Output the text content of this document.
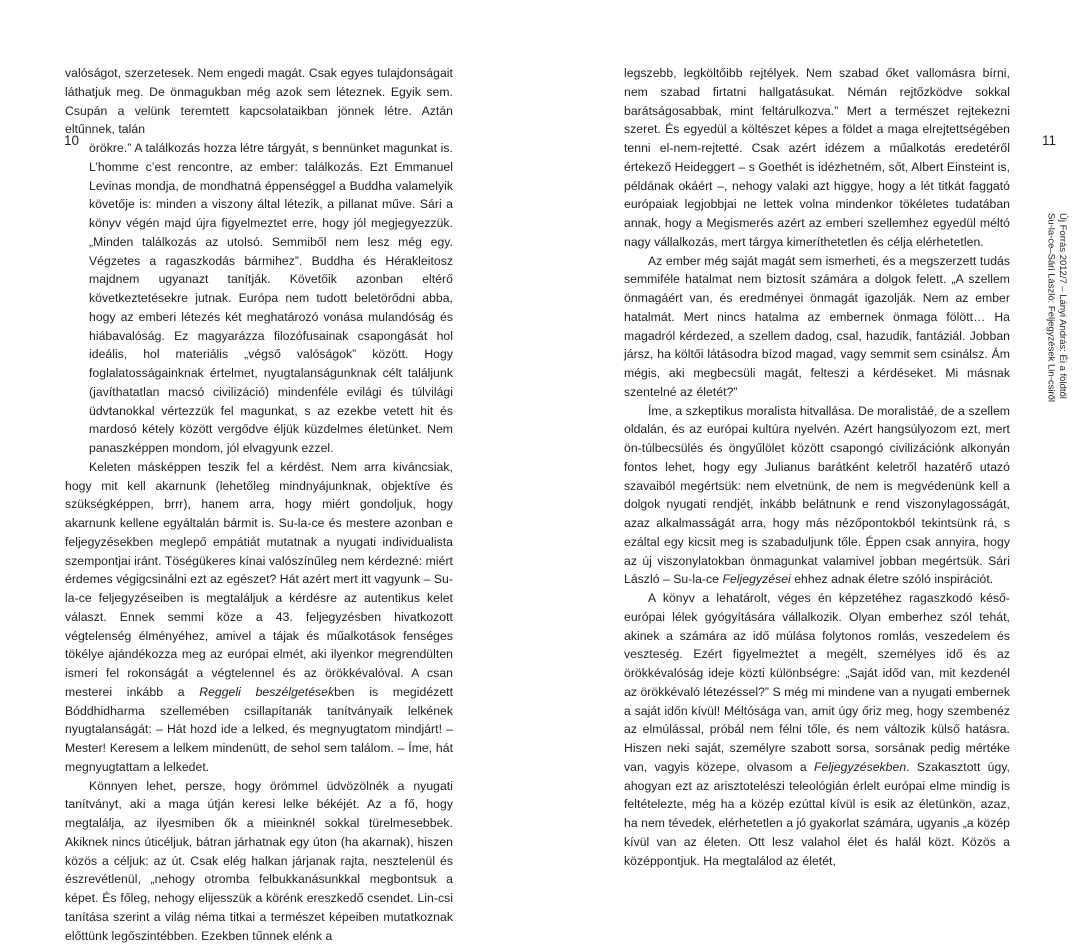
10

valóságot, szerzetesek. Nem engedi magát. Csak egyes tulajdonságait láthatjuk meg. De önmagukban még azok sem léteznek. Egyik sem. Csupán a velünk teremtett kapcsolataikban jönnek létre. Aztán eltűnnek, talán

örökre.” A találkozás hozza létre tárgyát, s bennünket magunkat is. L’homme c’est rencontre, az ember: találkozás. Ezt Emmanuel Levinas mondja, de mondhatná éppenséggel a Buddha valamelyik követője is: minden a viszony által létezik, a pillanat műve. Sári a könyv végén majd újra figyelmeztet erre, hogy jól megjegyezzük. „Minden találkozás az utolsó. Semmiből nem lesz még egy. Végzetes a ragaszkodás bármihez”. Buddha és Hérakleitosz majdnem ugyanazt tanítják. Követőik azonban eltérő következtetésekre jutnak. Európa nem tudott beletörődni abba, hogy az emberi létezés két meghatározó vonása mulandóság és hiábavalóság. Ez magyarázza filozófusainak csapongását hol ideális, hol materiális „végső valóságok” között. Hogy foglalatosságainknak értelmet, nyugtalanságunknak célt találjunk (javíthatatlan macsó civilizáció) mindenféle evilági és túlvilági üdvtanokkal vértezzük fel magunkat, s az ezekbe vetett hit és mardosó kétely között vergődve éljük küzdelmes életünket. Nem panaszképpen mondom, jól elvagyunk ezzel.

Keleten másképpen teszik fel a kérdést. Nem arra kiváncsiak, hogy mit kell akarnunk (lehetőleg mindnyájunknak, objektíve és szükségképpen, brrr), hanem arra, hogy miért gondoljuk, hogy akarnunk kellene egyáltalán bármit is. Su-la-ce és mestere azonban e feljegyzésekben meglepő empátiát mutatnak a nyugati individualista szempontjai iránt. Töségükeres kínai valószínűleg nem kérdezné: miért érdemes végigcsinálni ezt az egészet? Hát azért mert itt vagyunk – Su-la-ce feljegyzéseiben is megtaláljuk a kérdésre az autentikus kelet választ. Ennek semmi köze a 43. feljegyzésben hivatkozott végtelenség élményéhez, amivel a tájak és műalkotások fenséges tökélye ajándékozza meg az európai elmét, aki ilyenkor megrendülten ismeri fel rokonságát a végtelennel és az örökkévalóval. A csan mesterei inkább a Reggeli beszélgetésekben is megidézett Bóddhidharma szellemében csillapítanák tanítványaik lelkének nyugtalanságát: – Hát hozd ide a lelked, és megnyugtatom mindjárt! – Mester! Keresem a lelkem mindenütt, de sehol sem találom. – Íme, hát megnyugtattam a lelkedet.

Könnyen lehet, persze, hogy örömmel üdvözölnék a nyugati tanítványt, aki a maga útján keresi lelke békéjét. Az a fő, hogy megtalálja, az ilyesmiben ők a mieinknél sokkal türelmesebbek. Akiknek nincs úticéljuk, bátran járhatnak egy úton (ha akarnak), hiszen közös a céljuk: az út. Csak elég halkan járjanak rajta, nesztelenül és észrevétlenül, „nehogy otromba felbukkanásunkkal megbontsuk a képet. És főleg, nehogy elijesszük a körénk ereszkedő csendet. Lin-csi tanítása szerint a világ néma titkai a természet képeiben mutatkoznak előttünk legőszintébben. Ezekben tűnnek elénk a

11
Új Forrás 2012/7 – Lányi András: Éi a földtől
Su-la-ce–Sári László: Feljegyzések Lin-csiről

legszebb, legköltőibb rejtélyek. Nem szabad őket vallomásra bírni, nem szabad firtatni hallgatásukat. Némán rejtőzködve sokkal barátságosabbak, mint feltárulkozva.” Mert a természet rejtekezni szeret. És egyedül a költészet képes a földet a maga elrejtettségében tenni el-nem-rejtetté. Csak azért idézem a műalkotás eredetéről értekező Heideggert – s Goethét is idézhetném, sőt, Albert Einsteint is, példának okáért –, nehogy valaki azt higgye, hogy a lét titkát faggató európaiak legjobbjai ne lettek volna mindenkor tökéletes tudatában annak, hogy a Megismerés azért az emberi szellemhez egyedül méltó nagy vállalkozás, mert tárgya kimeríthetetlen és célja elérhetetlen.

Az ember még saját magát sem ismerheti, és a megszerzett tudás semmiféle hatalmat nem biztosít számára a dolgok felett. „A szellem önmagáért van, és eredményei önmagát igazolják. Nem az ember hatalmát. Mert nincs hatalma az embernek önmaga fölött… Ha magadról kérdezed, a szellem dadog, csal, hazudik, fantáziál. Jobban jársz, ha költői látásodra bízod magad, vagy semmit sem csinálsz. Ám mégis, aki megbecsüli magát, felteszi a kérdéseket. Mi másnak szentelné az életét?”

Íme, a szkeptikus moralista hitvallása. De moralistáé, de a szellem oldalán, és az európai kultúra nyelvén. Azért hangsúlyozom ezt, mert ön-túlbecsülés és öngyűlölet között csapongó civilizációnk alkonyán fontos lehet, hogy egy Julianus barátként keletről hazatérő utazó szavaiból megértsük: nem elvetnünk, de nem is megvédenünk kell a dolgok nyugati rendjét, inkább belátnunk e rend viszonylagosságát, azaz alkalmasságát arra, hogy más nézőpontokból tekintsünk rá, s ezáltal egy kicsit meg is szabaduljunk tőle. Éppen csak annyira, hogy az új viszonylatokban önmagunkat valamivel jobban megértsük. Sári László – Su-la-ce Feljegyzései ehhez adnak életre szóló inspirációt.

A könyv a lehatárolt, véges én képzetéhez ragaszkodó késő-európai lélek gyógyítására vállalkozik. Olyan emberhez szól tehát, akinek a számára az idő múlása folytonos romlás, veszedelem és veszteség. Ezért figyelmeztet a megélt, személyes idő és az örökkévalóság ideje közti különbségre: „Saját időd van, mit kezdenél az örökkévaló létezéssel?” S még mi mindene van a nyugati embernek a saját időn kívül! Méltósága van, amit úgy őriz meg, hogy szembenéz az elmúlással, próbál nem félni tőle, és nem változik külső hatásra. Hiszen neki saját, személyre szabott sorsa, sorsának pedig mértéke van, vagyis közepe, olvasom a Feljegyzésekben. Szakasztott úgy, ahogyan ezt az arisztotelészi teleológián érlelt európai elme mindig is feltételezte, még ha a közép ezúttal kívül is esik az életünkön, azaz, ha nem tévedek, elérhetetlen a jó gyakorlat számára, ugyanis „a közép kívül van az életen. Ott lesz valahol élet és halál közt. Közös a középpontjuk. Ha megtalálod az életét,
